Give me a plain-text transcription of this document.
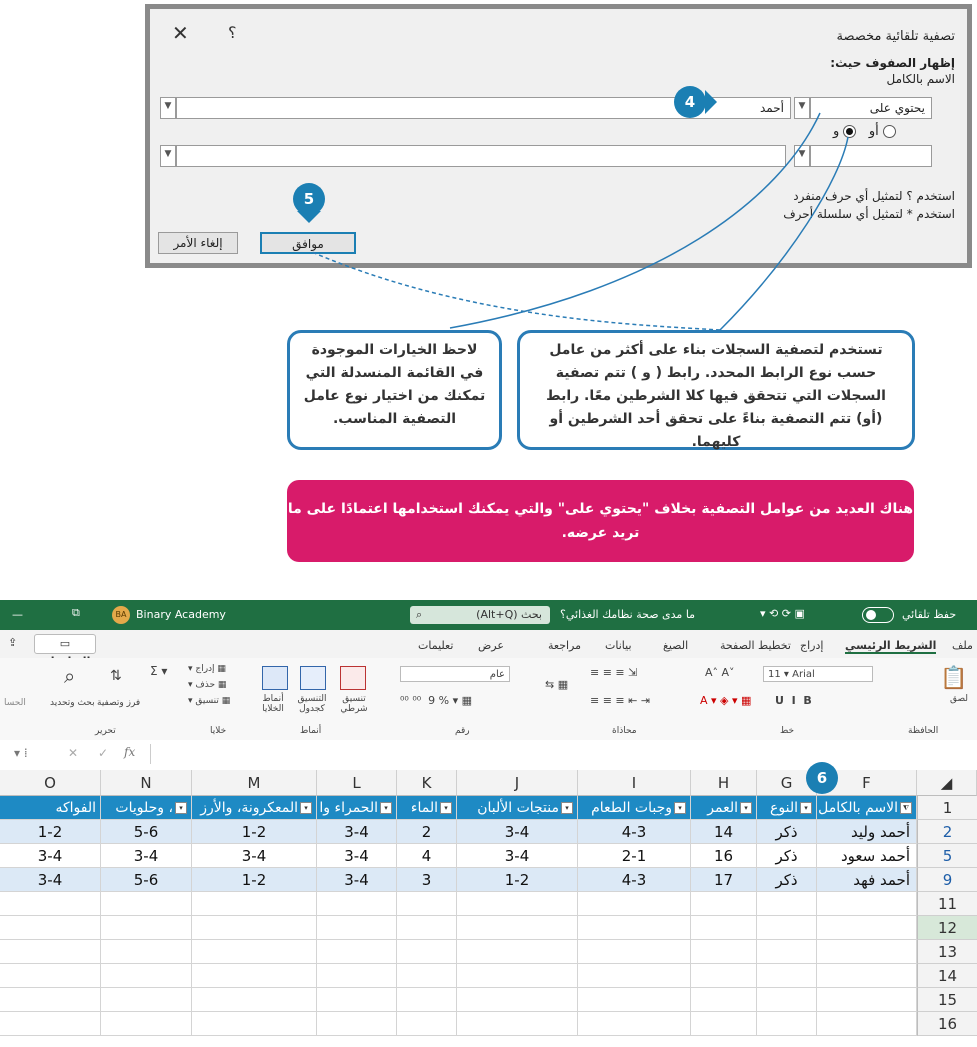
تصفية تلقائية مخصصة
✕ ؟
إظهار الصفوف حيث:
الاسم بالكامل
يحتوي على
▼
أحمد
▼
أو
و
▼
▼
استخدم ؟ لتمثيل أي حرف منفرد
استخدم * لتمثيل أي سلسلة أحرف
موافق
إلغاء الأمر
4
5
لاحظ الخيارات الموجودة في القائمة المنسدلة التي تمكنك من اختيار نوع عامل التصفية المناسب.
تستخدم لتصفية السجلات بناء على أكثر من عامل حسب نوع الرابط المحدد. رابط ( و ) تتم تصفية السجلات التي تتحقق فيها كلا الشرطين معًا. رابط (أو) تتم التصفية بناءً على تحقق أحد الشرطين أو كليهما.
هناك العديد من عوامل التصفية بخلاف "يحتوي على" والتي يمكنك استخدامها اعتمادًا على ما تريد عرضه.
—	⧉	BA Binary Academy	⌕	بحث (Alt+Q)	ما مدى صحة نظامك الغذائي؟	▾ ⟲ ⟳ ▣	حفظ تلقائي
ملف
الشريط الرئيسي
إدراج
تخطيط الصفحة
الصيغ
بيانات
مراجعة
عرض
تعليمات
▭
⇪
📋
لصق
الحافظة
11 ▾ Arial
A˄ A˅
U  I  B
A ▾ ◈ ▾ ▦
خط
≡ ≡ ≡ ⇲
≡ ≡ ≡ ⇤ ⇥
⇆ ▦
محاذاة
عام
⁰⁰ ⁰⁰  9 % ▾ ▦
رقم
تنسيق شرطي
التنسيق كجدول
أنماط الخلايا
أنماط
▦ إدراج ▾
▦ حذف ▾
▦ تنسيق ▾
خلايا
Σ ▾
⇅
⌕
فرز وتصفية
بحث وتحديد
تحرير
الحسا
▾ ⁞	✕ ✓ fx
O	N	M	L	K	J	I	H	G	F	◢
6
الفواكه	▾، وحلويات	▾المعكرونة، والأرز	▾الحمراء وا	▾الماء	▾منتجات الألبان	▾وجبات الطعام	▾العمر	▾النوع	⧩الاسم بالكامل
1-2	5-6	1-2	3-4	2	3-4	4-3	14	ذكر	أحمد وليد
3-4	3-4	3-4	3-4	4	3-4	2-1	16	ذكر	أحمد سعود
3-4	5-6	1-2	3-4	3	1-2	4-3	17	ذكر	أحمد فهد
1
2
5
9
11
12
13
14
15
16
